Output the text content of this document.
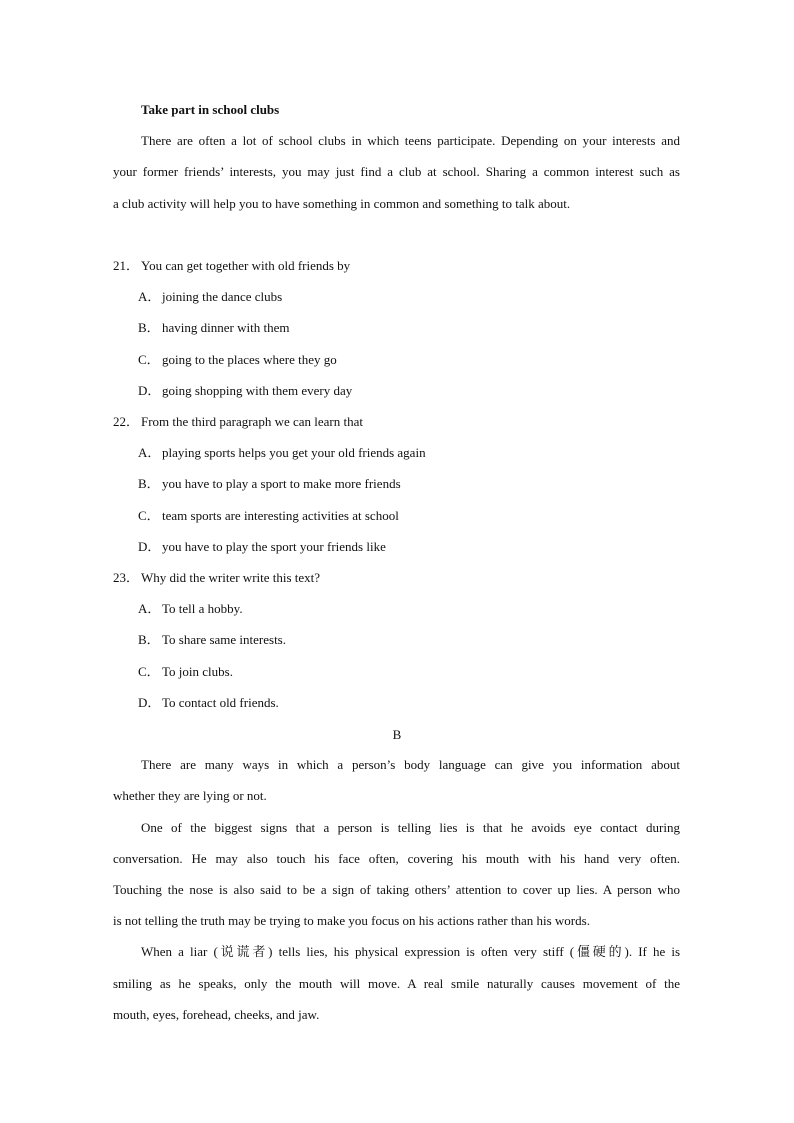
Take part in school clubs
There are often a lot of school clubs in which teens participate. Depending on your interests and
your former friends’ interests, you may just find a club at school. Sharing a common interest such as
a club activity will help you to have something in common and something to talk about.
21． You can get together with old friends by
A． joining the dance clubs
B． having dinner with them
C． going to the places where they go
D． going shopping with them every day
22． From the third paragraph we can learn that
A． playing sports helps you get your old friends again
B． you have to play a sport to make more friends
C． team sports are interesting activities at school
D． you have to play the sport your friends like
23． Why did the writer write this text?
A． To tell a hobby.
B． To share same interests.
C． To join clubs.
D． To contact old friends.
B
There are many ways in which a person’s body language can give you information about
whether they are lying or not.
One of the biggest signs that a person is telling lies is that he avoids eye contact during
conversation. He may also touch his face often, covering his mouth with his hand very often.
Touching the nose is also said to be a sign of taking others’ attention to cover up lies. A person who
is not telling the truth may be trying to make you focus on his actions rather than his words.
When a liar (说谎者) tells lies, his physical expression is often very stiff (僵硬的). If he is
smiling as he speaks, only the mouth will move. A real smile naturally causes movement of the
mouth, eyes, forehead, cheeks, and jaw.
